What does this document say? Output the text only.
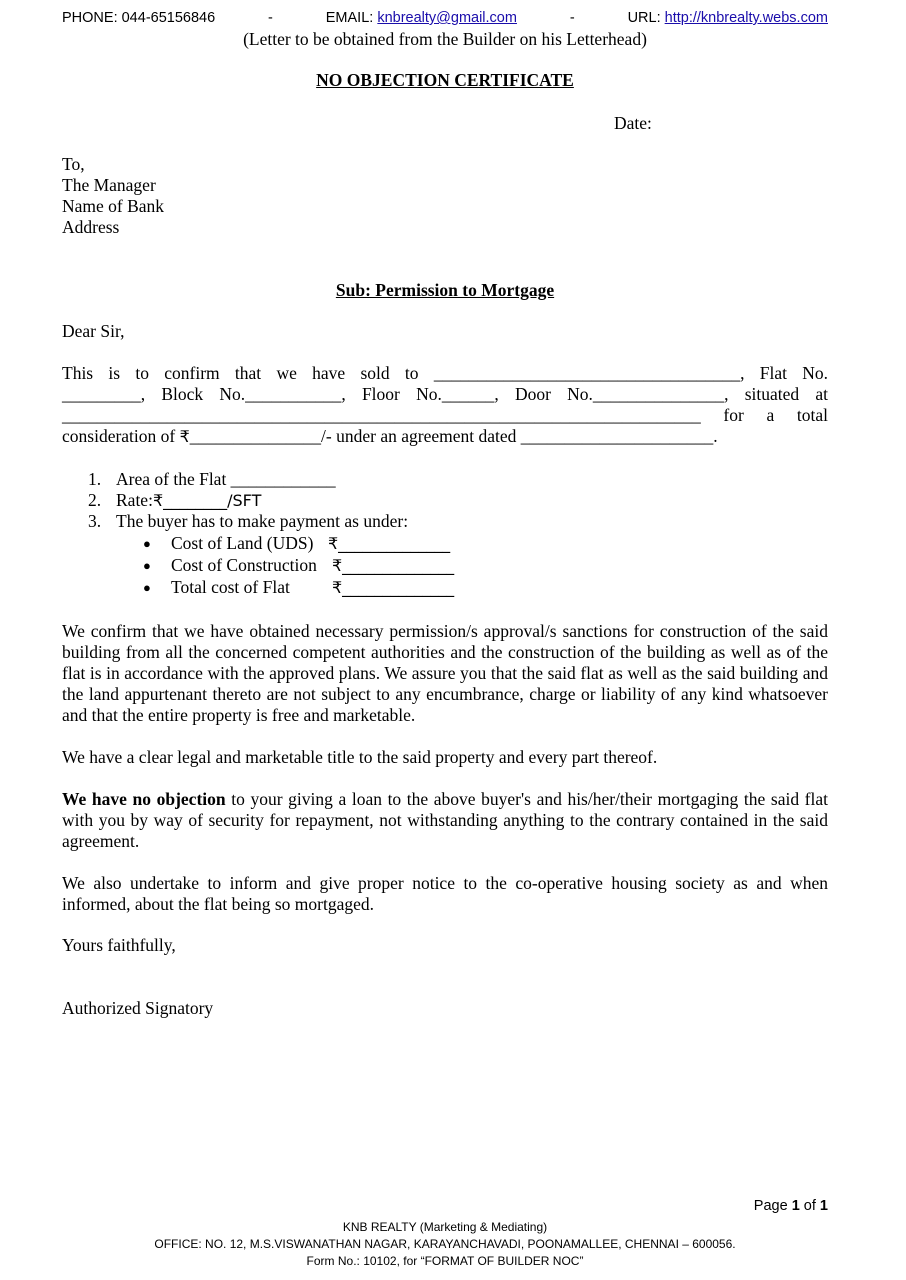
PHONE: 044-65156846	-	EMAIL: knbrealty@gmail.com	-	URL: http://knbrealty.webs.com
(Letter to be obtained from the Builder on his Letterhead)
NO OBJECTION CERTIFICATE
Date:
To,
The Manager
Name of Bank
Address
Sub: Permission to Mortgage
Dear Sir,
This is to confirm that we have sold to ___________________________________, Flat No.
_________, Block No.___________, Floor No.______, Door No._______________, situated at
_________________________________________________________________________ for a total
consideration of ₹_______________/- under an agreement dated ______________________.
1. Area of the Flat ____________
2. Rate: ₹________/SFT
3. The buyer has to make payment as under:
●	Cost of Land (UDS) ₹______________
●	Cost of Construction ₹______________
●	Total cost of Flat	₹______________
We confirm that we have obtained necessary permission/s approval/s sanctions for construction of the said building from all the concerned competent authorities and the construction of the building as well as of the flat is in accordance with the approved plans. We assure you that the said flat as well as the said building and the land appurtenant thereto are not subject to any encumbrance, charge or liability of any kind whatsoever and that the entire property is free and marketable.
We have a clear legal and marketable title to the said property and every part thereof.
We have no objection to your giving a loan to the above buyer's and his/her/their mortgaging the said flat with you by way of security for repayment, not withstanding anything to the contrary contained in the said agreement.
We also undertake to inform and give proper notice to the co-operative housing society as and when informed, about the flat being so mortgaged.
Yours faithfully,
Authorized Signatory
Page 1 of 1
KNB REALTY (Marketing & Mediating)
OFFICE: NO. 12, M.S.VISWANATHAN NAGAR, KARAYANCHAVADI, POONAMALLEE, CHENNAI – 600056.
Form No.: 10102, for “FORMAT OF BUILDER NOC”
